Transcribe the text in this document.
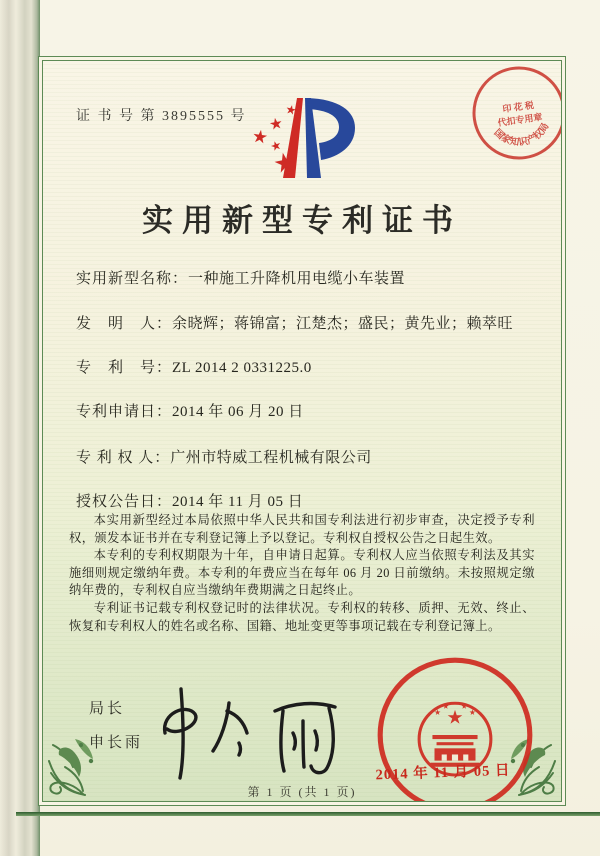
证 书 号 第 3895555 号
国家知识产权局
印 花 税
代扣专用章
实用新型专利证书
实用新型名称：一种施工升降机用电缆小车装置
发　明　人：余晓辉；蒋锦富；江楚杰；盛民；黄先业；赖萃旺
专　利　号：ZL 2014 2 0331225.0
专利申请日：2014 年 06 月 20 日
专 利 权 人：广州市特威工程机械有限公司
授权公告日：2014 年 11 月 05 日

本实用新型经过本局依照中华人民共和国专利法进行初步审查，决定授予专利权，颁发本证书并在专利登记簿上予以登记。专利权自授权公告之日起生效。

本专利的专利权期限为十年，自申请日起算。专利权人应当依照专利法及其实施细则规定缴纳年费。本专利的年费应当在每年 06 月 20 日前缴纳。未按照规定缴纳年费的，专利权自应当缴纳年费期满之日起终止。

专利证书记载专利权登记时的法律状况。专利权的转移、质押、无效、终止、恢复和专利权人的姓名或名称、国籍、地址变更等事项记载在专利登记簿上。

局长
申长雨
2014 年 11 月 05 日
第 1 页 (共 1 页)
